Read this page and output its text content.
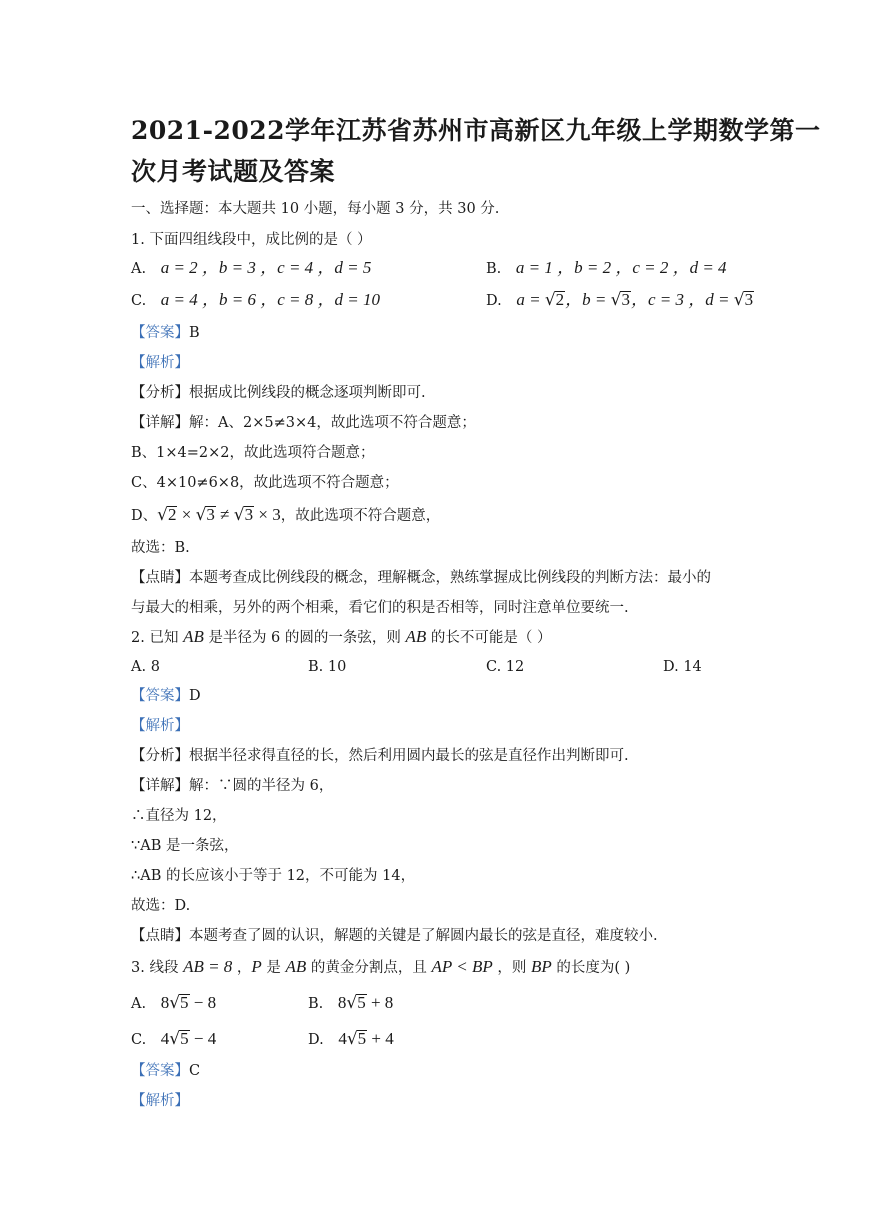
2021-2022学年江苏省苏州市高新区九年级上学期数学第一
次月考试题及答案
一、选择题：本大题共 10 小题，每小题 3 分，共 30 分.
1. 下面四组线段中，成比例的是（ ）
A. a = 2 ，b = 3 ，c = 4 ，d = 5	B. a = 1 ，b = 2 ，c = 2 ，d = 4
C. a = 4 ，b = 6 ，c = 8 ，d = 10	D. a = √2，b = √3，c = 3 ，d = √3
【答案】B
【解析】
【分析】根据成比例线段的概念逐项判断即可.
【详解】解：A、2×5≠3×4，故此选项不符合题意；
B、1×4=2×2，故此选项符合题意；
C、4×10≠6×8，故此选项不符合题意；
D、√2 × √3 ≠ √3 × 3，故此选项不符合题意，
故选：B.
【点睛】本题考查成比例线段的概念，理解概念，熟练掌握成比例线段的判断方法：最小的
与最大的相乘，另外的两个相乘，看它们的积是否相等，同时注意单位要统一.
2. 已知 AB 是半径为 6 的圆的一条弦，则 AB 的长不可能是（ ）
A. 8	B. 10	C. 12	D. 14
【答案】D
【解析】
【分析】根据半径求得直径的长，然后利用圆内最长的弦是直径作出判断即可.
【详解】解：∵圆的半径为 6，
∴直径为 12，
∵AB 是一条弦，
∴AB 的长应该小于等于 12，不可能为 14，
故选：D.
【点睛】本题考查了圆的认识，解题的关键是了解圆内最长的弦是直径，难度较小.
3. 线段 AB = 8 ，P 是 AB 的黄金分割点，且 AP < BP ，则 BP 的长度为( )
A. 8√5 − 8	B. 8√5 + 8
C. 4√5 − 4	D. 4√5 + 4
【答案】C
【解析】
